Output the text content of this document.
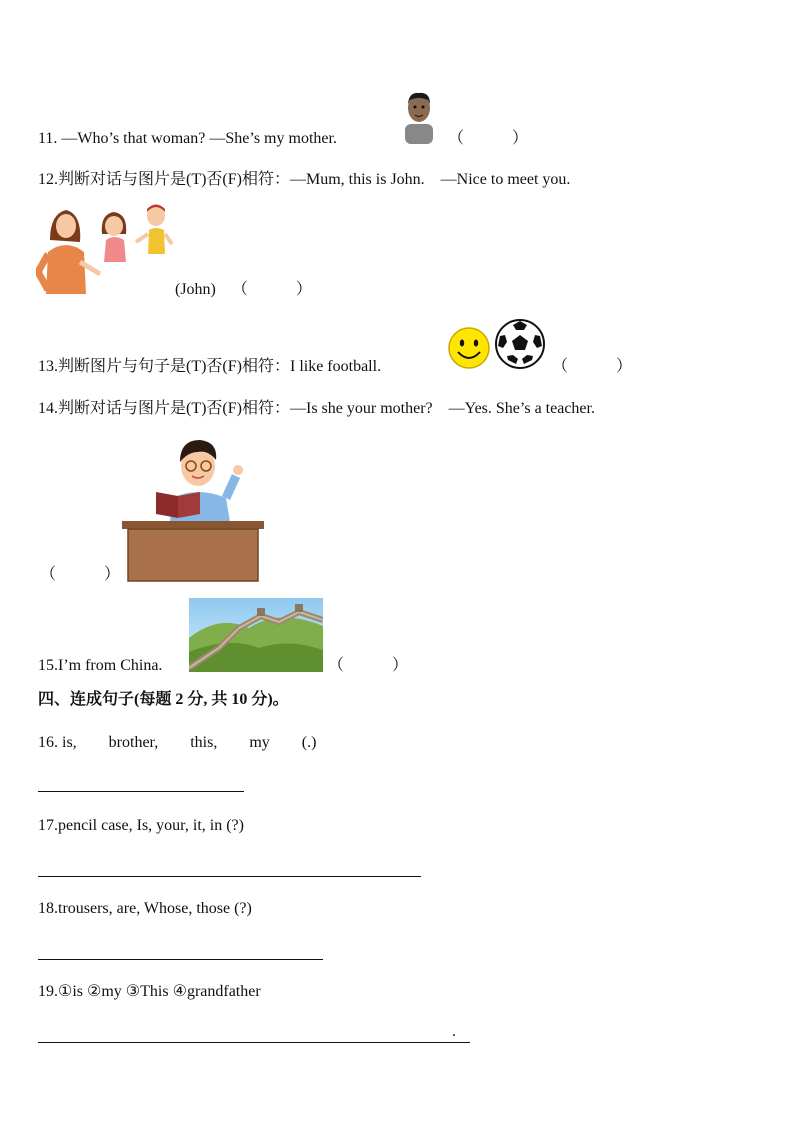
11. —Who’s that woman? —She’s my mother.	（　　　）
12.判断对话与图片是(T)否(F)相符：—Mum, this is John.　—Nice to meet you.
(John) （　　　）
13.判断图片与句子是(T)否(F)相符：I like football.	（　　　）
14.判断对话与图片是(T)否(F)相符：—Is she your mother?　—Yes. She’s a teacher.
（　　　）
15.I’m from China.	（　　　）
四、连成句子(每题 2 分, 共 10 分)。
16. is,　　brother,　　this,　　my　　(.)
17.pencil case, Is, your, it, in (?)
18.trousers, are, Whose, those (?)
19.①is ②my ③This ④grandfather
.
